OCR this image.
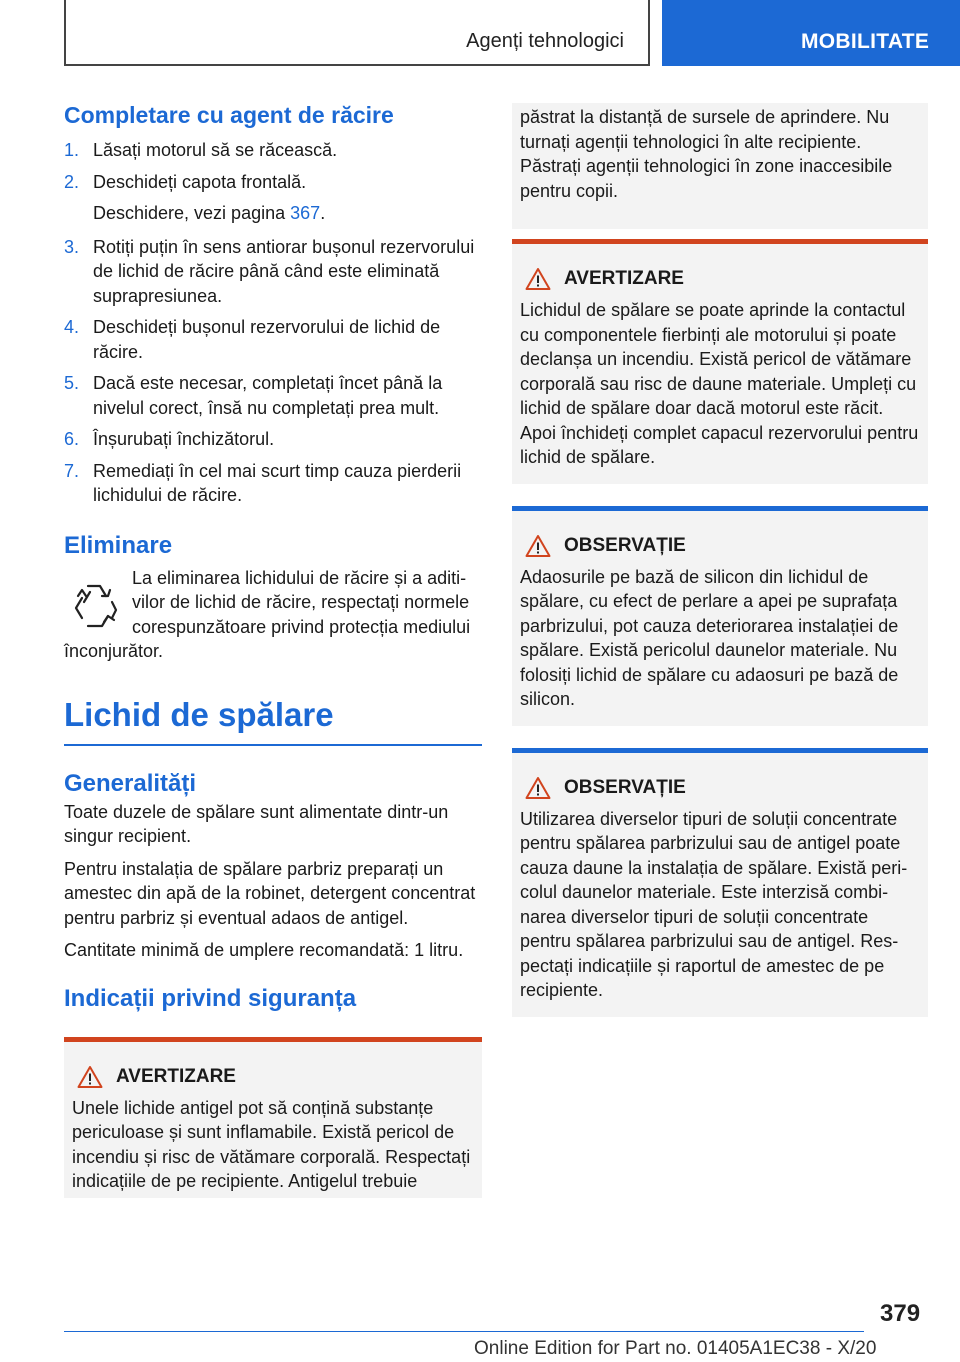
Agenți tehnologici	MOBILITATE
Completare cu agent de răcire
1. Lăsați motorul să se răcească.
2. Deschideți capota frontală.
Deschidere, vezi pagina 367.
3. Rotiți puțin în sens antiorar bușonul rezervorului de lichid de răcire până când este eliminată suprapresiunea.
4. Deschideți bușonul rezervorului de lichid de răcire.
5. Dacă este necesar, completați încet până la nivelul corect, însă nu completați prea mult.
6. Înșurubați închizătorul.
7. Remediați în cel mai scurt timp cauza pierderii lichidului de răcire.
Eliminare
La eliminarea lichidului de răcire și a aditivilor de lichid de răcire, respectați normele corespunzătoare privind protecția mediului înconjurător.
Lichid de spălare
Generalități

Toate duzele de spălare sunt alimentate dintr-un singur recipient.

Pentru instalația de spălare parbriz preparați un amestec din apă de la robinet, detergent concentrat pentru parbriz și eventual adaos de antigel.

Cantitate minimă de umplere recomandată: 1 litru.

Indicații privind siguranța
AVERTIZARE
Unele lichide antigel pot să conțină substanțe periculoase și sunt inflamabile. Există pericol de incendiu și risc de vătămare corporală. Respectați indicațiile de pe recipiente. Antigelul trebuie
păstrat la distanță de sursele de aprindere. Nu turnați agenții tehnologici în alte recipiente. Păstrați agenții tehnologici în zone inaccesibile pentru copii.
AVERTIZARE
Lichidul de spălare se poate aprinde la contactul cu componentele fierbinți ale motorului și poate declanșa un incendiu. Există pericol de vătămare corporală sau risc de daune materiale. Umpleți cu lichid de spălare doar dacă motorul este răcit. Apoi închideți complet capacul rezervorului pentru lichid de spălare.
OBSERVAȚIE
Adaosurile pe bază de silicon din lichidul de spălare, cu efect de perlare a apei pe suprafața parbrizului, pot cauza deteriorarea instalației de spălare. Există pericolul daunelor materiale. Nu folosiți lichid de spălare cu adaosuri pe bază de silicon.
OBSERVAȚIE
Utilizarea diverselor tipuri de soluții concentrate pentru spălarea parbrizului sau de antigel poate cauza daune la instalația de spălare. Există pericolul daunelor materiale. Este interzisă combinarea diverselor tipuri de soluții concentrate pentru spălarea parbrizului sau de antigel. Respectați indicațiile și raportul de amestec de pe recipiente.
379
Online Edition for Part no. 01405A1EC38 - X/20
